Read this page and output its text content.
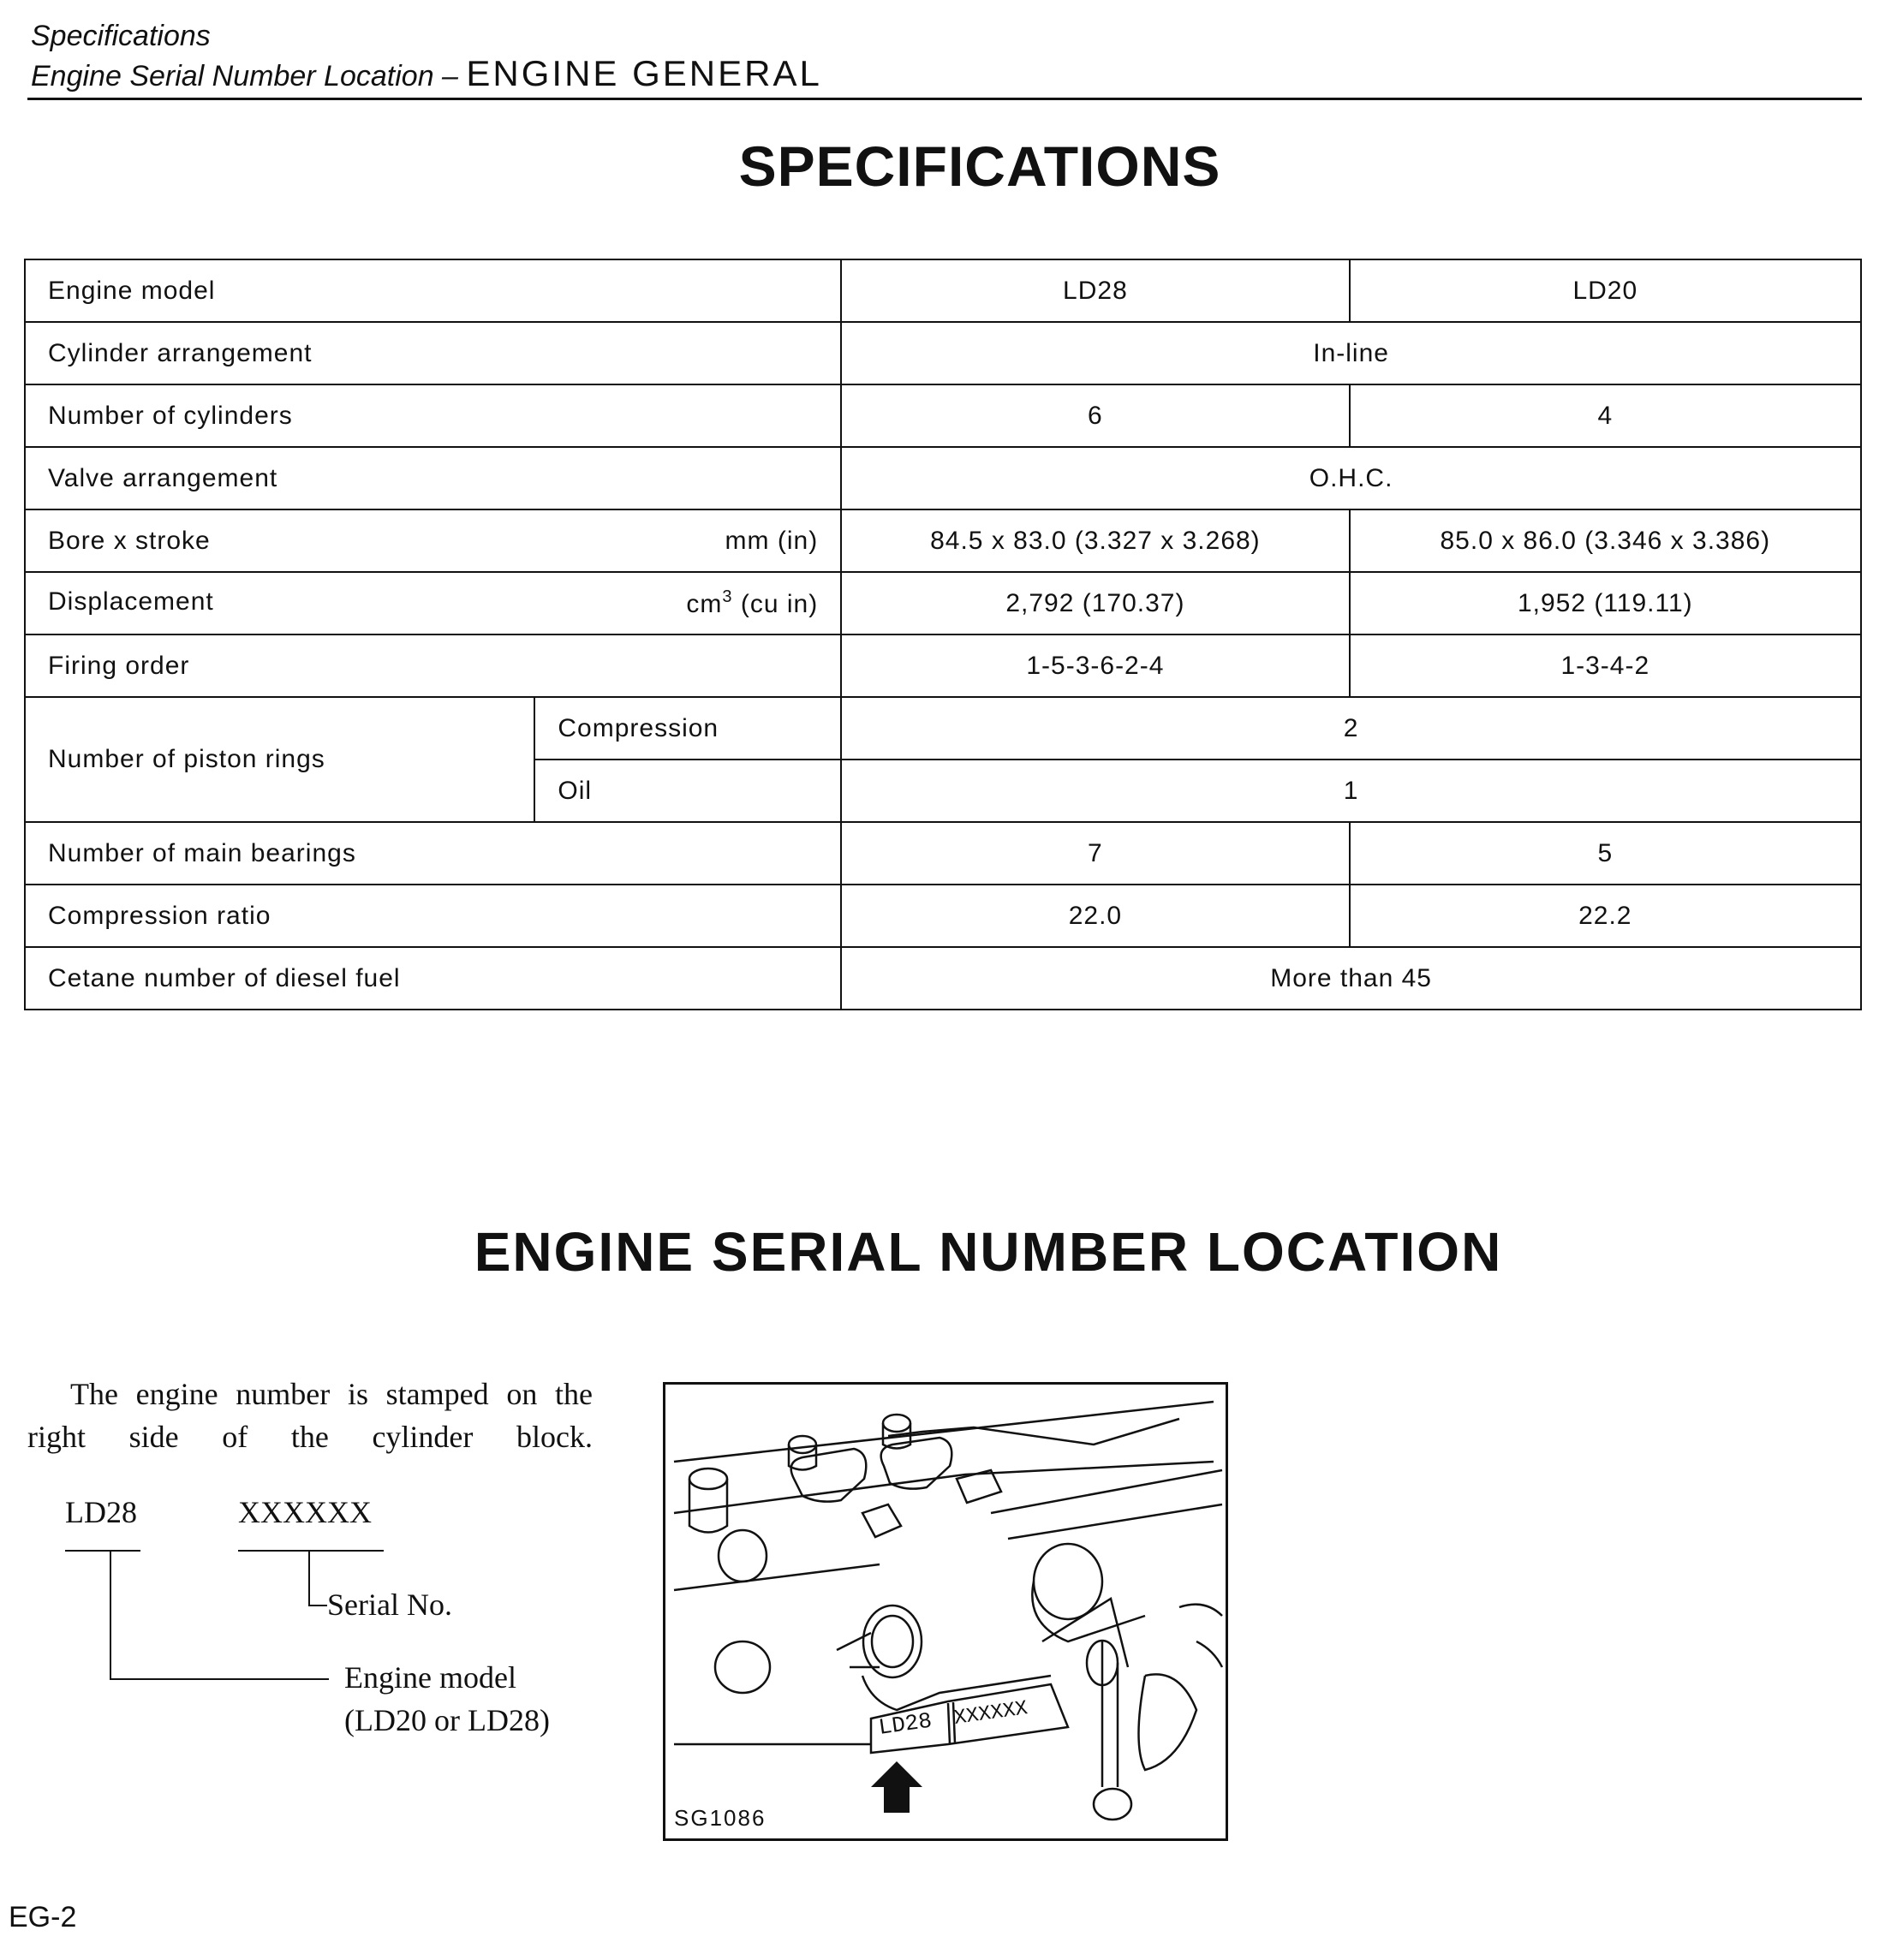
Specifications
Engine Serial Number Location – ENGINE GENERAL
SPECIFICATIONS
Engine model		LD28	LD20
Cylinder arrangement		In-line	
Number of cylinders		6	4
Valve arrangement		O.H.C.	
Bore x stroke mm (in)		84.5 x 83.0 (3.327 x 3.268)	85.0 x 86.0 (3.346 x 3.386)
Displacement $cm^3$ (cu in)		2,792 (170.37)	1,952 (119.11)
Firing order		1-5-3-6-2-4	1-3-4-2
Number of piston rings	Compression	2	
	Oil	1	
Number of main bearings		7	5
Compression ratio		22.0	22.2
Cetane number of diesel fuel		More than 45	
ENGINE SERIAL NUMBER LOCATION
The engine number is stamped on the right side of the cylinder block.
LD28	XXXXXX
Serial No.
Engine model
(LD20 or LD28)	LD28 XXXXXX
SG1086
EG-2
